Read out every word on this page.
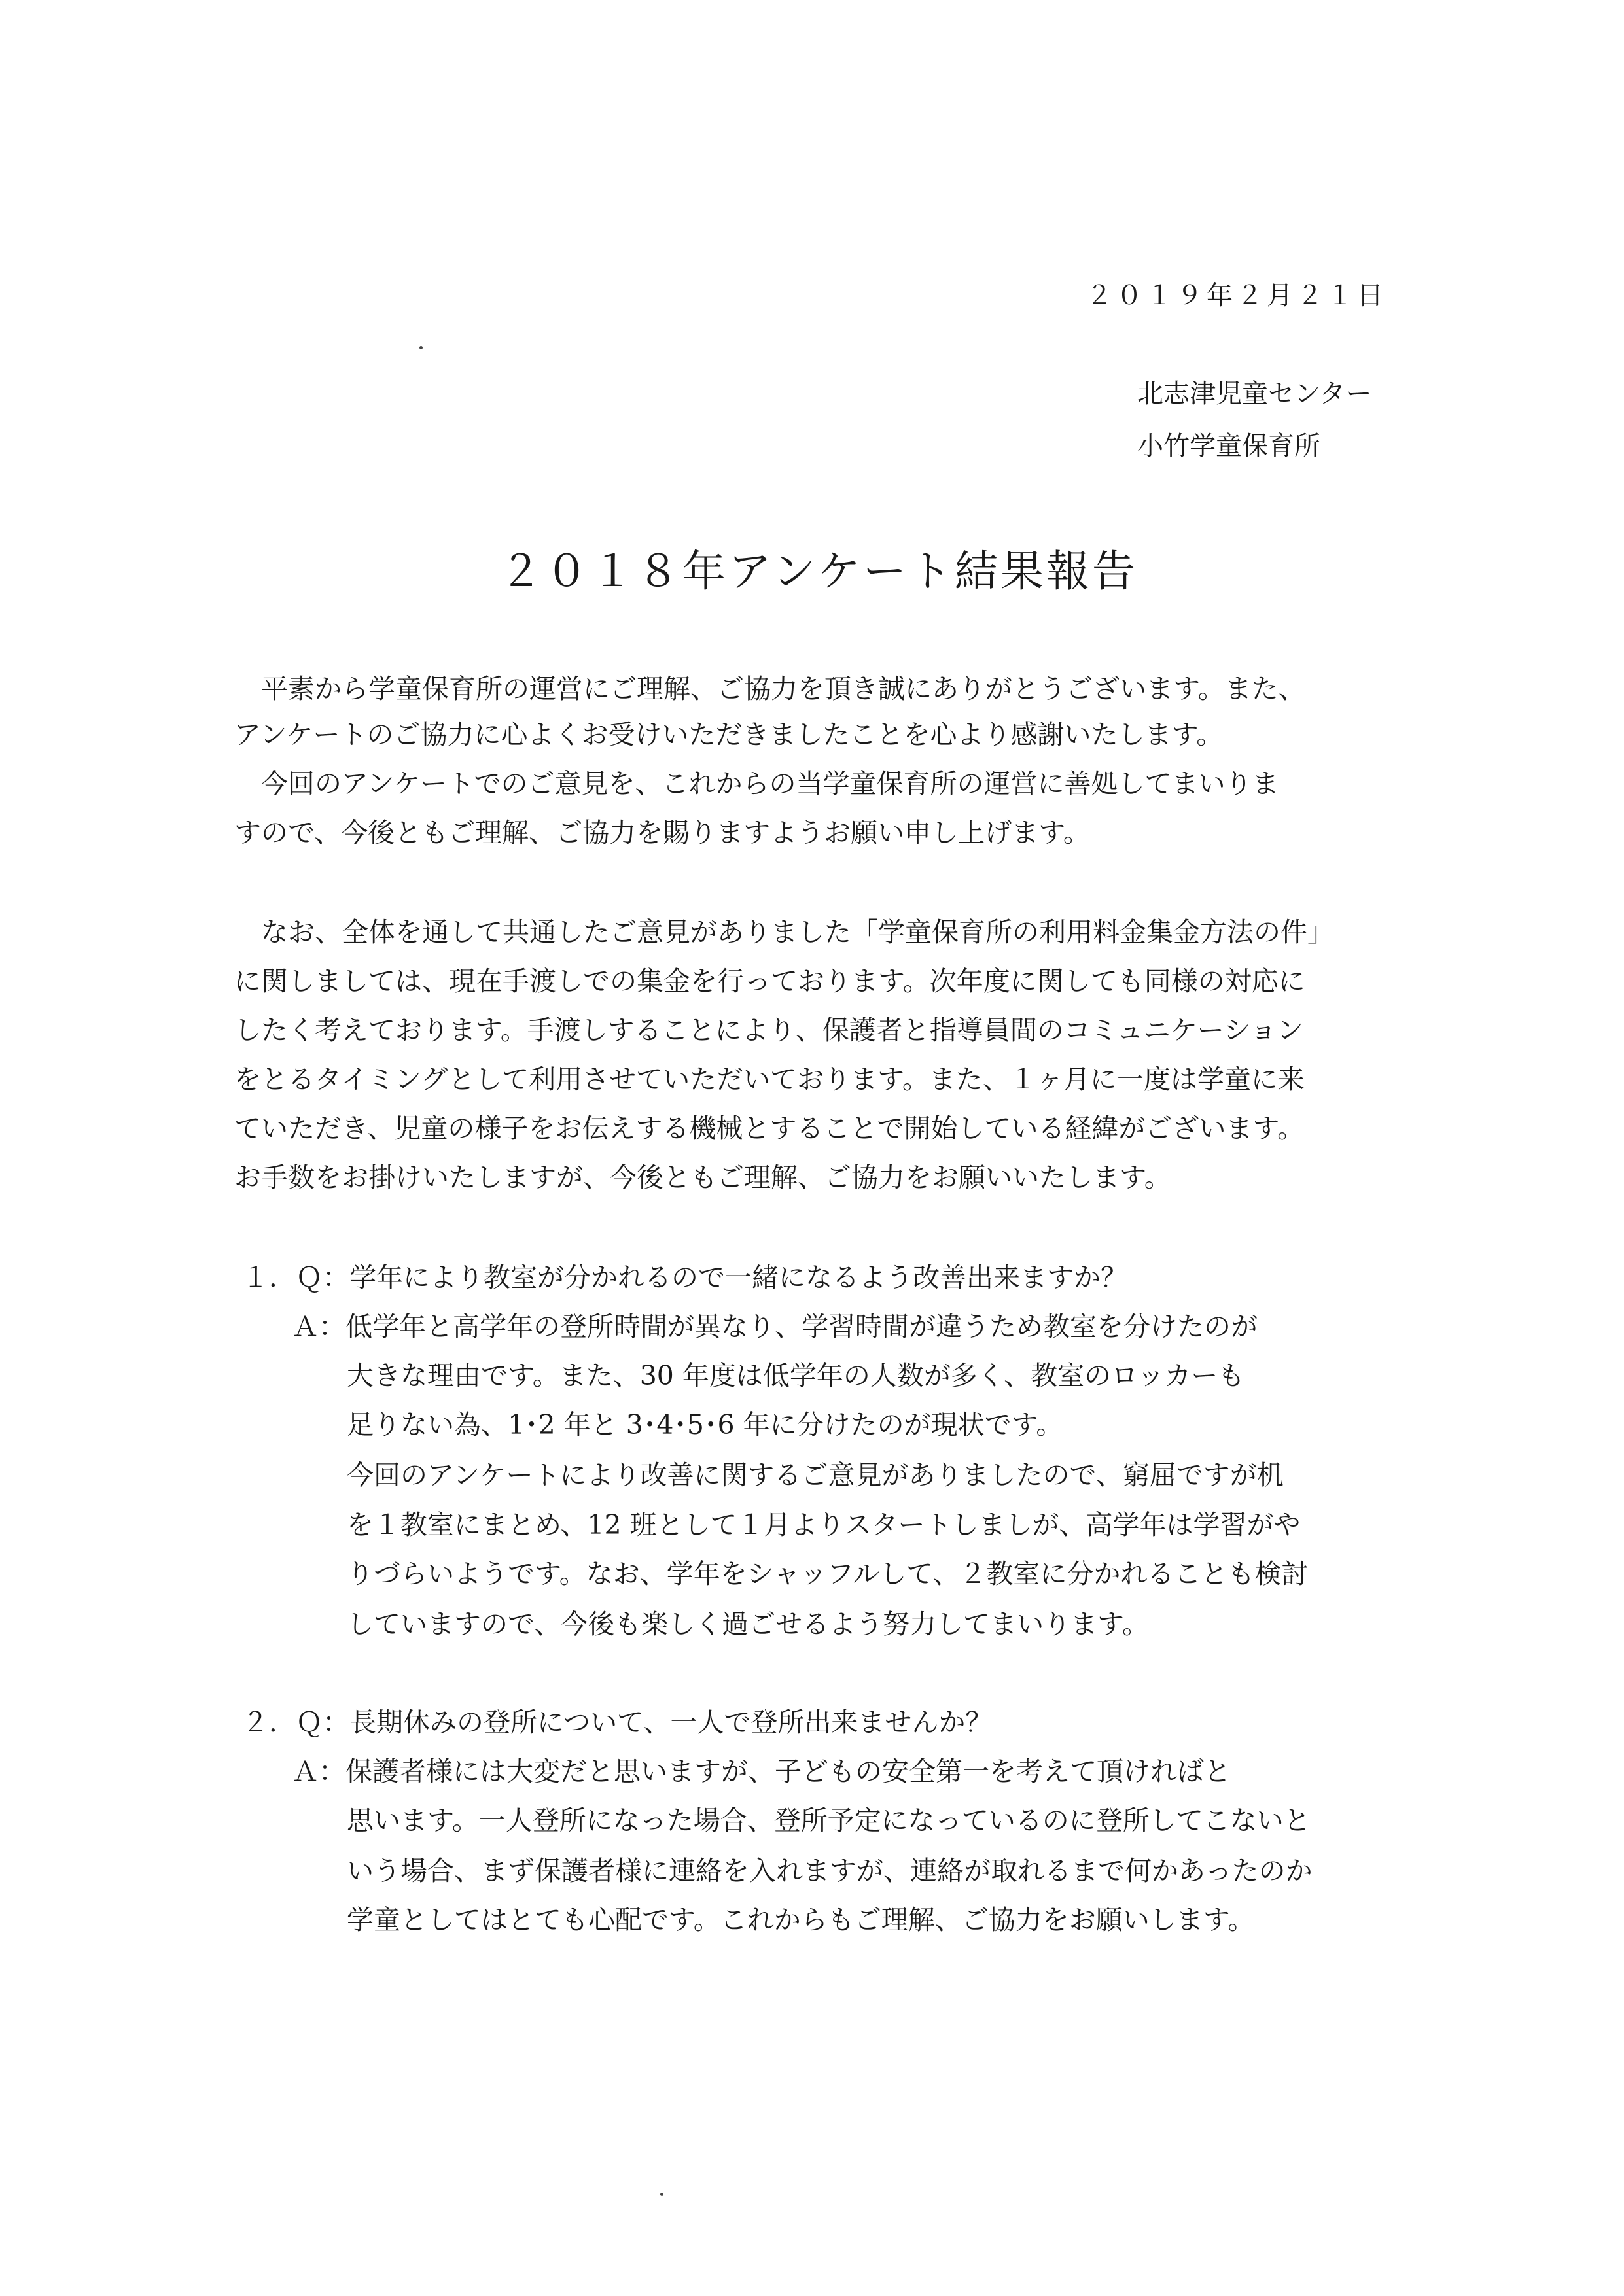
２０１９年２月２１日
北志津児童センター
小竹学童保育所
２０１８年アンケート結果報告
　平素から学童保育所の運営にご理解、ご協力を頂き誠にありがとうございます。また、
アンケートのご協力に心よくお受けいただきましたことを心より感謝いたします。
　今回のアンケートでのご意見を、これからの当学童保育所の運営に善処してまいりま
すので、今後ともご理解、ご協力を賜りますようお願い申し上げます。
　なお、全体を通して共通したご意見がありました「学童保育所の利用料金集金方法の件」
に関しましては、現在手渡しでの集金を行っております。次年度に関しても同様の対応に
したく考えております。手渡しすることにより、保護者と指導員間のコミュニケーション
をとるタイミングとして利用させていただいております。また、１ヶ月に一度は学童に来
ていただき、児童の様子をお伝えする機械とすることで開始している経緯がございます。
お手数をお掛けいたしますが、今後ともご理解、ご協力をお願いいたします。
１．Ｑ：学年により教室が分かれるので一緒になるよう改善出来ますか？
Ａ：低学年と高学年の登所時間が異なり、学習時間が違うため教室を分けたのが
大きな理由です。また、30 年度は低学年の人数が多く、教室のロッカーも
足りない為、1･2 年と 3･4･5･6 年に分けたのが現状です。
今回のアンケートにより改善に関するご意見がありましたので、窮屈ですが机
を１教室にまとめ、12 班として１月よりスタートしましが、高学年は学習がや
りづらいようです。なお、学年をシャッフルして、２教室に分かれることも検討
していますので、今後も楽しく過ごせるよう努力してまいります。
２．Ｑ：長期休みの登所について、一人で登所出来ませんか？
Ａ：保護者様には大変だと思いますが、子どもの安全第一を考えて頂ければと
思います。一人登所になった場合、登所予定になっているのに登所してこないと
いう場合、まず保護者様に連絡を入れますが、連絡が取れるまで何かあったのか
学童としてはとても心配です。これからもご理解、ご協力をお願いします。
